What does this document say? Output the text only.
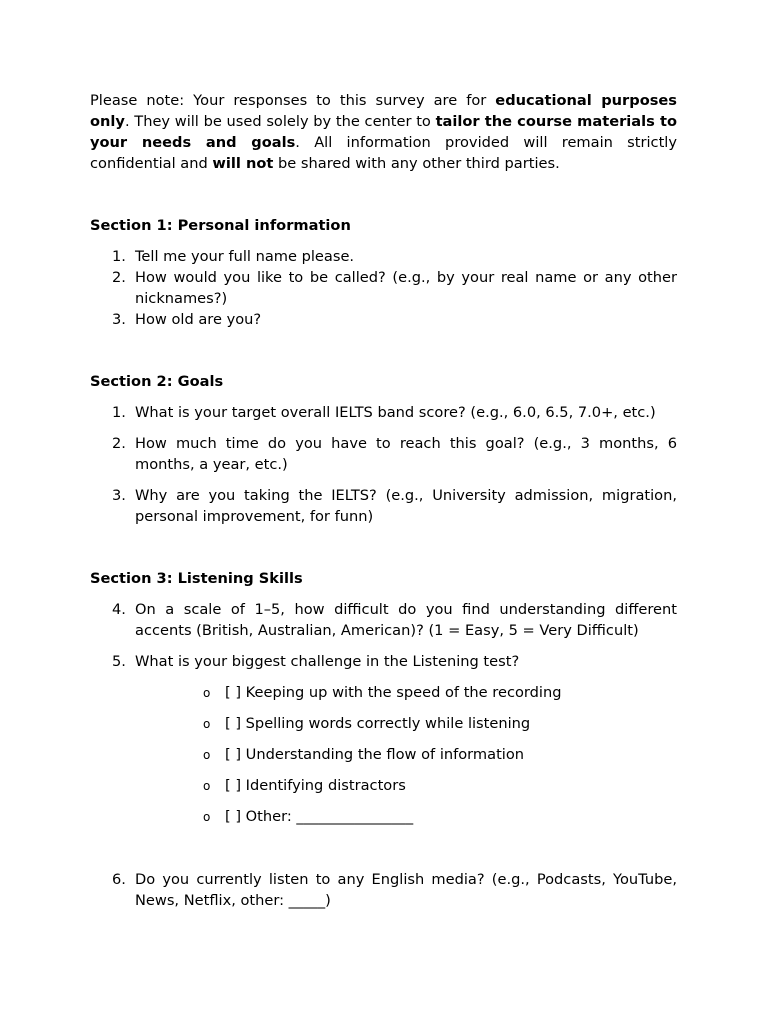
Please note: Your responses to this survey are for educational purposes only. They will be used solely by the center to tailor the course materials to your needs and goals. All information provided will remain strictly confidential and will not be shared with any other third parties.

Section 1: Personal information
1. Tell me your full name please.
2. How would you like to be called? (e.g., by your real name or any other nicknames?)
3. How old are you?
Section 2: Goals
1. What is your target overall IELTS band score? (e.g., 6.0, 6.5, 7.0+, etc.)
2. How much time do you have to reach this goal? (e.g., 3 months, 6 months, a year, etc.)
3. Why are you taking the IELTS? (e.g., University admission, migration, personal improvement, for funn)
Section 3: Listening Skills
4. On a scale of 1–5, how difficult do you find understanding different accents (British, Australian, American)? (1 = Easy, 5 = Very Difficult)
5. What is your biggest challenge in the Listening test?
o [ ] Keeping up with the speed of the recording
o [ ] Spelling words correctly while listening
o [ ] Understanding the flow of information
o [ ] Identifying distractors
o [ ] Other: ________________
6. Do you currently listen to any English media? (e.g., Podcasts, YouTube, News, Netflix, other: _____)
